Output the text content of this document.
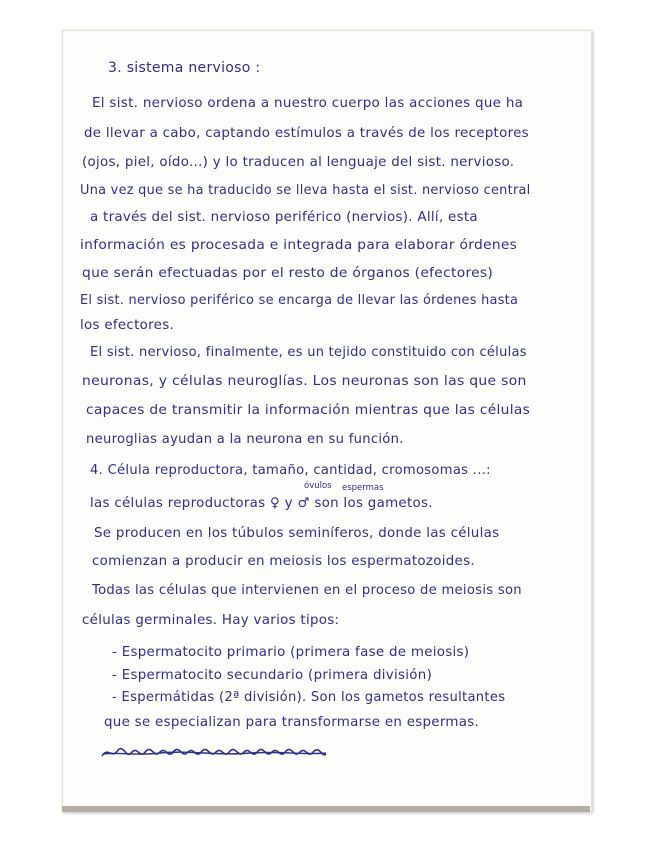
3. sistema nervioso :
El sist. nervioso ordena a nuestro cuerpo las acciones que ha
de llevar a cabo, captando estímulos a través de los receptores
(ojos, piel, oído...) y lo traducen al lenguaje del sist. nervioso.
Una vez que se ha traducido se lleva hasta el sist. nervioso central
a través del sist. nervioso periférico (nervios). Allí, esta
información es procesada e integrada para elaborar órdenes
que serán efectuadas por el resto de órganos (efectores)
El sist. nervioso periférico se encarga de llevar las órdenes hasta
los efectores.
El sist. nervioso, finalmente, es un tejido constituido con células
neuronas, y células neuroglías. Los neuronas son las que son
capaces de transmitir la información mientras que las células
neuroglias ayudan a la neurona en su función.
4. Célula reproductora, tamaño, cantidad, cromosomas ...:
óvulos espermas
las células reproductoras ♀ y ♂ son los gametos.
Se producen en los túbulos seminíferos, donde las células
comienzan a producir en meiosis los espermatozoides.
Todas las células que intervienen en el proceso de meiosis son
células germinales. Hay varios tipos:
- Espermatocito primario (primera fase de meiosis)
- Espermatocito secundario (primera división)
- Espermátidas (2ª división). Son los gametos resultantes
que se especializan para transformarse en espermas.
